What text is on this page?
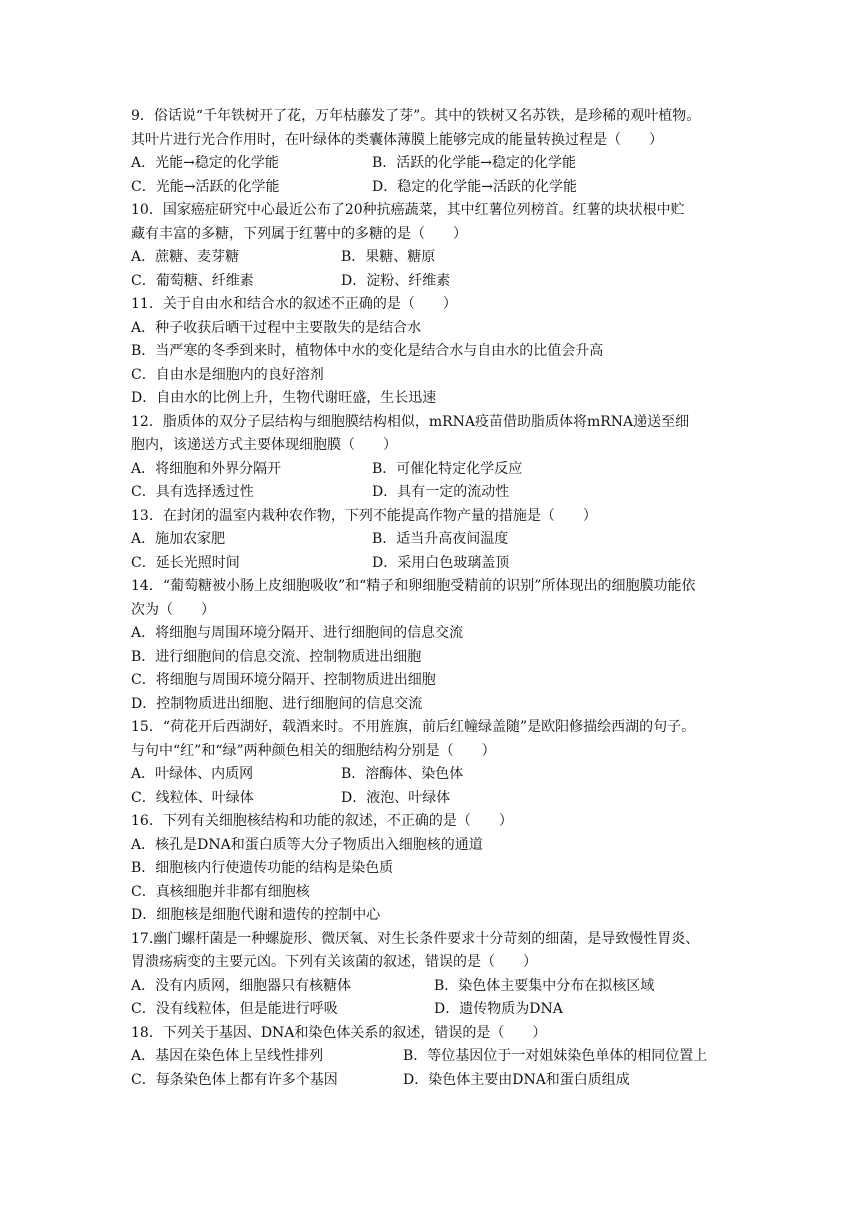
9．俗话说“千年铁树开了花，万年枯藤发了芽”。其中的铁树又名苏铁，是珍稀的观叶植物。
其叶片进行光合作用时，在叶绿体的类囊体薄膜上能够完成的能量转换过程是（　　）
A．光能→稳定的化学能	B．活跃的化学能→稳定的化学能
C．光能→活跃的化学能	D．稳定的化学能→活跃的化学能
10．国家癌症研究中心最近公布了20种抗癌蔬菜，其中红薯位列榜首。红薯的块状根中贮
藏有丰富的多糖，下列属于红薯中的多糖的是（　　）
A．蔗糖、麦芽糖	B．果糖、糖原
C．葡萄糖、纤维素	D．淀粉、纤维素
11．关于自由水和结合水的叙述不正确的是（　　）
A．种子收获后晒干过程中主要散失的是结合水
B．当严寒的冬季到来时，植物体中水的变化是结合水与自由水的比值会升高
C．自由水是细胞内的良好溶剂
D．自由水的比例上升，生物代谢旺盛，生长迅速
12．脂质体的双分子层结构与细胞膜结构相似，mRNA疫苗借助脂质体将mRNA递送至细
胞内，该递送方式主要体现细胞膜（　　）
A．将细胞和外界分隔开	B．可催化特定化学反应
C．具有选择透过性	D．具有一定的流动性
13．在封闭的温室内栽种农作物，下列不能提高作物产量的措施是（　　）
A．施加农家肥	B．适当升高夜间温度
C．延长光照时间	D．采用白色玻璃盖顶
14．“葡萄糖被小肠上皮细胞吸收”和“精子和卵细胞受精前的识别”所体现出的细胞膜功能依
次为（　　）
A．将细胞与周围环境分隔开、进行细胞间的信息交流
B．进行细胞间的信息交流、控制物质进出细胞
C．将细胞与周围环境分隔开、控制物质进出细胞
D．控制物质进出细胞、进行细胞间的信息交流
15．“荷花开后西湖好，载酒来时。不用旌旗，前后红幢绿盖随”是欧阳修描绘西湖的句子。
与句中“红”和“绿”两种颜色相关的细胞结构分别是（　　）
A．叶绿体、内质网	B．溶酶体、染色体
C．线粒体、叶绿体	D．液泡、叶绿体
16．下列有关细胞核结构和功能的叙述，不正确的是（　　）
A．核孔是DNA和蛋白质等大分子物质出入细胞核的通道
B．细胞核内行使遗传功能的结构是染色质
C．真核细胞并非都有细胞核
D．细胞核是细胞代谢和遗传的控制中心
17.幽门螺杆菌是一种螺旋形、微厌氧、对生长条件要求十分苛刻的细菌，是导致慢性胃炎、
胃溃疡病变的主要元凶。下列有关该菌的叙述，错误的是（　　）
A．没有内质网，细胞器只有核糖体	B．染色体主要集中分布在拟核区域
C．没有线粒体，但是能进行呼吸	D．遗传物质为DNA
18．下列关于基因、DNA和染色体关系的叙述，错误的是（　　）
A．基因在染色体上呈线性排列	B．等位基因位于一对姐妹染色单体的相同位置上
C．每条染色体上都有许多个基因	D．染色体主要由DNA和蛋白质组成
